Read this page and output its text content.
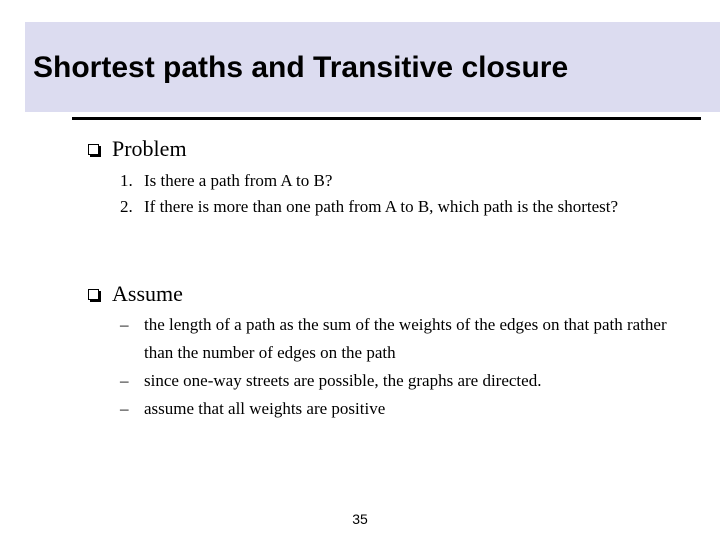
Shortest paths and Transitive closure
Problem
1. Is there a path from A to B?
2. If there is more than one path from A to B, which path is the shortest?
Assume
– the length of a path as the sum of the weights of the edges on that path rather than the number of edges on the path
– since one-way streets are possible, the graphs are directed.
– assume that all weights are positive
35
